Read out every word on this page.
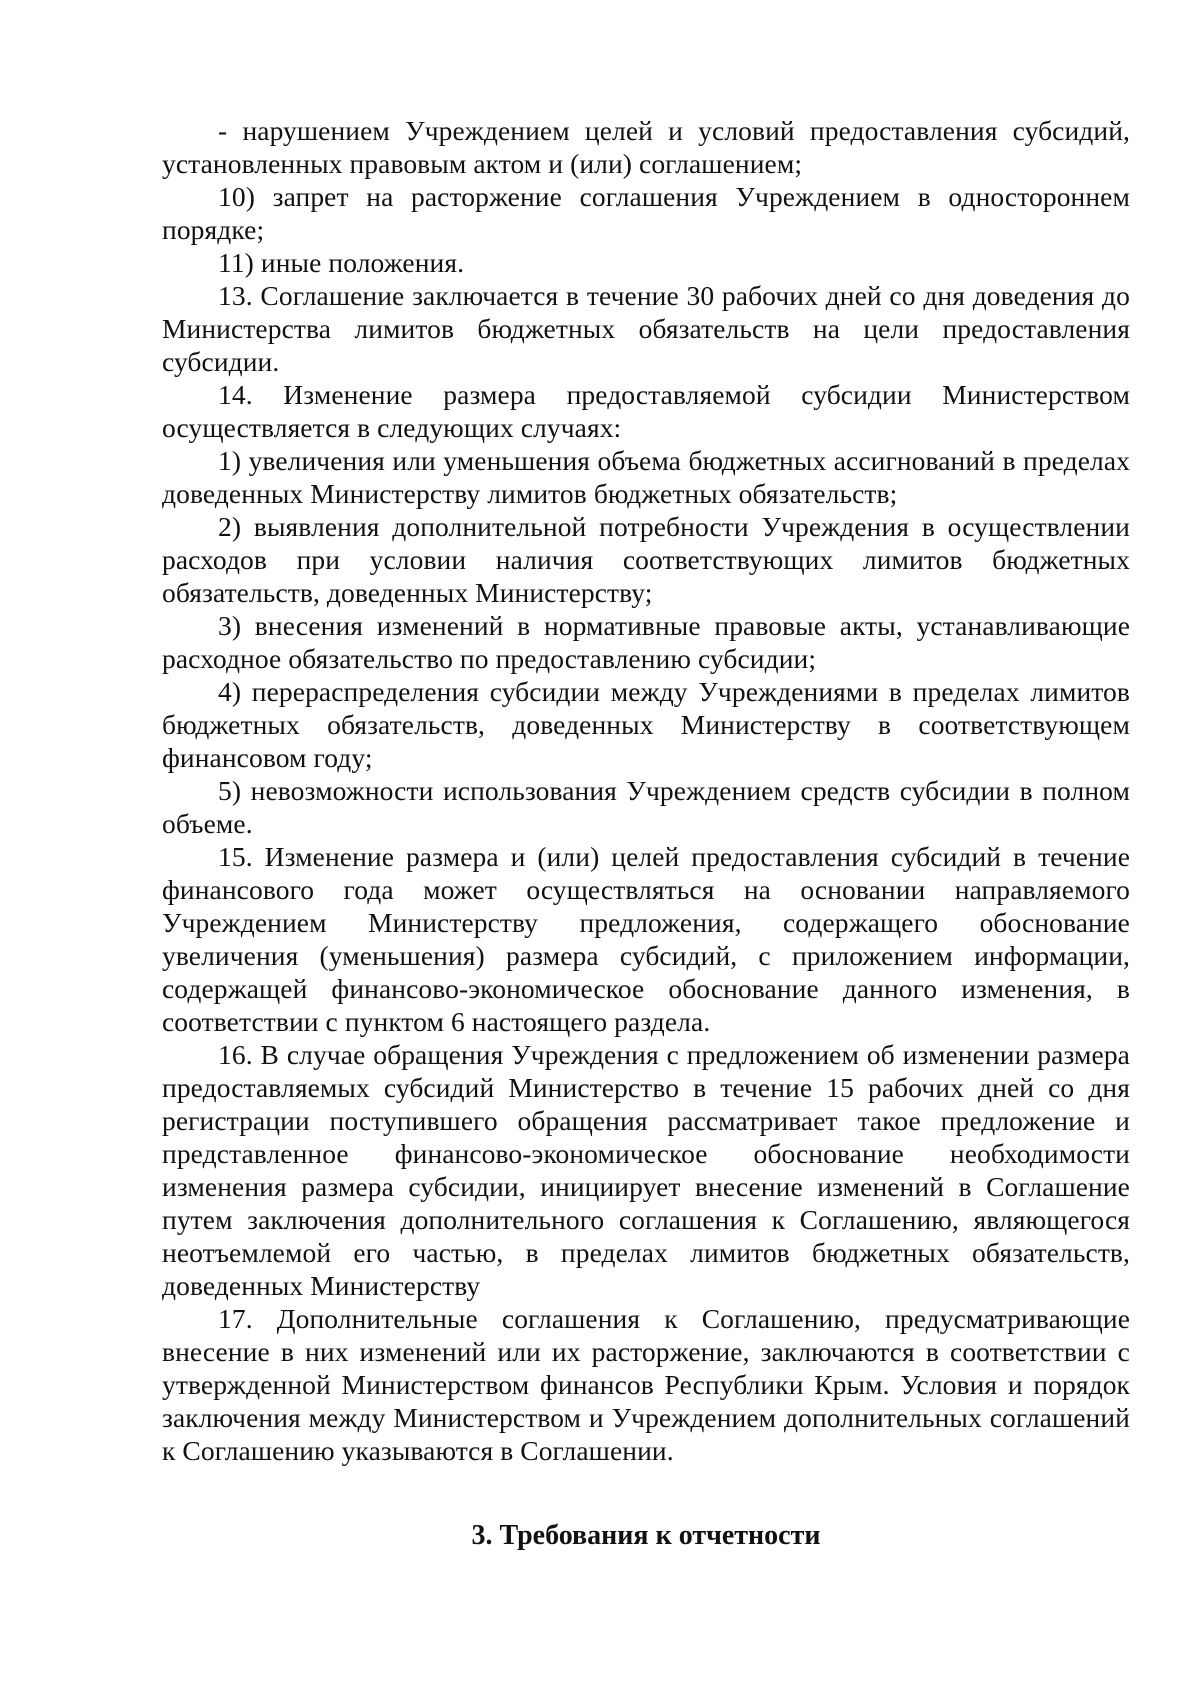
- нарушением Учреждением целей и условий предоставления субсидий, установленных правовым актом и (или) соглашением;

10) запрет на расторжение соглашения Учреждением в одностороннем порядке;

11) иные положения.

13. Соглашение заключается в течение 30 рабочих дней со дня доведения до Министерства лимитов бюджетных обязательств на цели предоставления субсидии.

14. Изменение размера предоставляемой субсидии Министерством осуществляется в следующих случаях:

1) увеличения или уменьшения объема бюджетных ассигнований в пределах доведенных Министерству лимитов бюджетных обязательств;

2) выявления дополнительной потребности Учреждения в осуществлении расходов при условии наличия соответствующих лимитов бюджетных обязательств, доведенных Министерству;

3) внесения изменений в нормативные правовые акты, устанавливающие расходное обязательство по предоставлению субсидии;

4) перераспределения субсидии между Учреждениями в пределах лимитов бюджетных обязательств, доведенных Министерству в соответствующем финансовом году;

5) невозможности использования Учреждением средств субсидии в полном объеме.

15. Изменение размера и (или) целей предоставления субсидий в течение финансового года может осуществляться на основании направляемого Учреждением Министерству предложения, содержащего обоснование увеличения (уменьшения) размера субсидий, с приложением информации, содержащей финансово-экономическое обоснование данного изменения, в соответствии с пунктом 6 настоящего раздела.

16. В случае обращения Учреждения с предложением об изменении размера предоставляемых субсидий Министерство в течение 15 рабочих дней со дня регистрации поступившего обращения рассматривает такое предложение и представленное финансово-экономическое обоснование необходимости изменения размера субсидии, инициирует внесение изменений в Соглашение путем заключения дополнительного соглашения к Соглашению, являющегося неотъемлемой его частью, в пределах лимитов бюджетных обязательств, доведенных Министерству

17. Дополнительные соглашения к Соглашению, предусматривающие внесение в них изменений или их расторжение, заключаются в соответствии с утвержденной Министерством финансов Республики Крым. Условия и порядок заключения между Министерством и Учреждением дополнительных соглашений к Соглашению указываются в Соглашении.

3. Требования к отчетности
